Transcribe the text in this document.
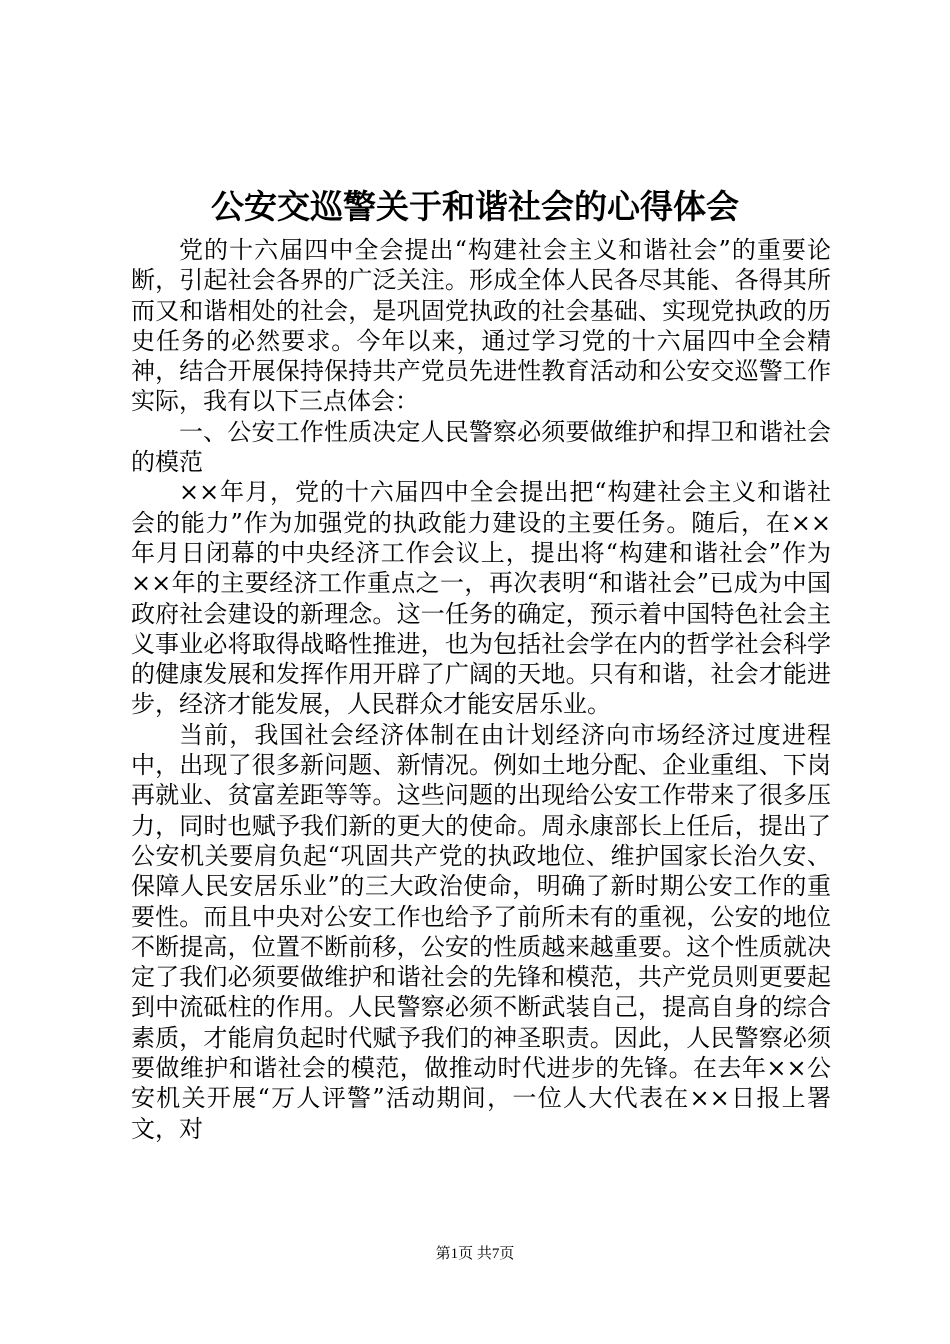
公安交巡警关于和谐社会的心得体会

党的十六届四中全会提出“构建社会主义和谐社会”的重要论断，引起社会各界的广泛关注。形成全体人民各尽其能、各得其所而又和谐相处的社会，是巩固党执政的社会基础、实现党执政的历史任务的必然要求。今年以来，通过学习党的十六届四中全会精神，结合开展保持保持共产党员先进性教育活动和公安交巡警工作实际，我有以下三点体会：

一、公安工作性质决定人民警察必须要做维护和捍卫和谐社会的模范

××年月，党的十六届四中全会提出把“构建社会主义和谐社会的能力”作为加强党的执政能力建设的主要任务。随后，在××年月日闭幕的中央经济工作会议上，提出将“构建和谐社会”作为××年的主要经济工作重点之一，再次表明“和谐社会”已成为中国政府社会建设的新理念。这一任务的确定，预示着中国特色社会主义事业必将取得战略性推进，也为包括社会学在内的哲学社会科学的健康发展和发挥作用开辟了广阔的天地。只有和谐，社会才能进步，经济才能发展，人民群众才能安居乐业。

当前，我国社会经济体制在由计划经济向市场经济过度进程中，出现了很多新问题、新情况。例如土地分配、企业重组、下岗再就业、贫富差距等等。这些问题的出现给公安工作带来了很多压力，同时也赋予我们新的更大的使命。周永康部长上任后，提出了公安机关要肩负起“巩固共产党的执政地位、维护国家长治久安、保障人民安居乐业”的三大政治使命，明确了新时期公安工作的重要性。而且中央对公安工作也给予了前所未有的重视，公安的地位不断提高，位置不断前移，公安的性质越来越重要。这个性质就决定了我们必须要做维护和谐社会的先锋和模范，共产党员则更要起到中流砥柱的作用。人民警察必须不断武装自己，提高自身的综合素质，才能肩负起时代赋予我们的神圣职责。因此，人民警察必须要做维护和谐社会的模范，做推动时代进步的先锋。在去年××公安机关开展“万人评警”活动期间，一位人大代表在××日报上署文，对

第1页 共7页
